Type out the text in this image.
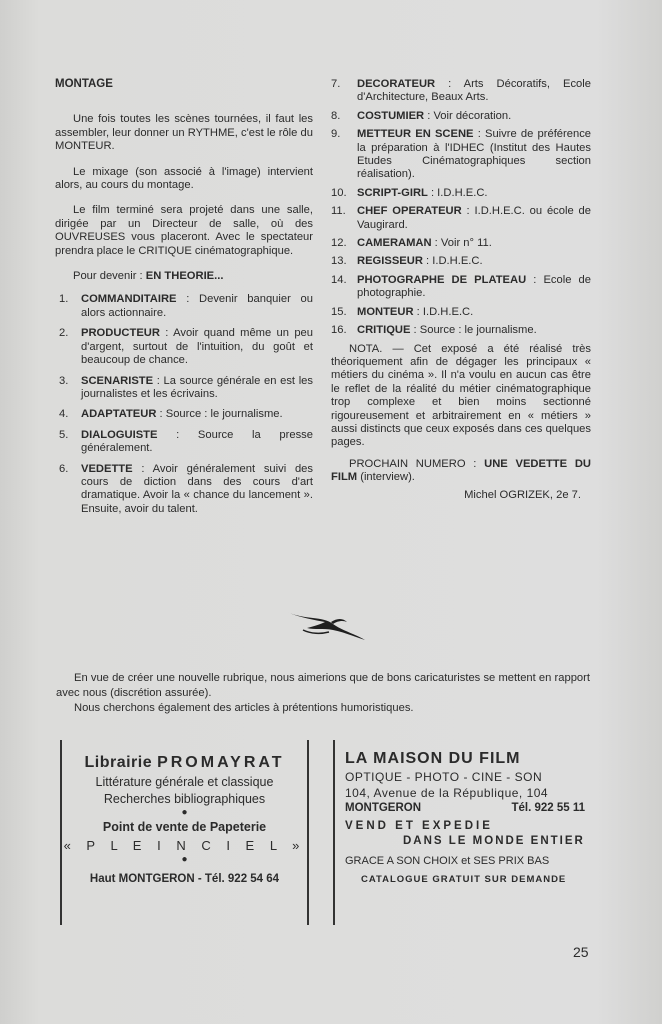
MONTAGE

Une fois toutes les scènes tournées, il faut les assembler, leur donner un RYTHME, c'est le rôle du MONTEUR.

Le mixage (son associé à l'image) intervient alors, au cours du montage.

Le film terminé sera projeté dans une salle, dirigée par un Directeur de salle, où des OUVREUSES vous placeront. Avec le spectateur prendra place le CRITIQUE cinématographique.

Pour devenir : EN THEORIE...

1. COMMANDITAIRE : Devenir banquier ou alors actionnaire.
2. PRODUCTEUR : Avoir quand même un peu d'argent, surtout de l'intuition, du goût et beaucoup de chance.
3. SCENARISTE : La source générale en est les journalistes et les écrivains.
4. ADAPTATEUR : Source : le journalisme.
5. DIALOGUISTE : Source la presse généralement.
6. VEDETTE : Avoir généralement suivi des cours de diction dans des cours d'art dramatique. Avoir la « chance du lancement ». Ensuite, avoir du talent.
7. DECORATEUR : Arts Décoratifs, Ecole d'Architecture, Beaux Arts.
8. COSTUMIER : Voir décoration.
9. METTEUR EN SCENE : Suivre de préférence la préparation à l'IDHEC (Institut des Hautes Etudes Cinématographiques section réalisation).
10. SCRIPT-GIRL : I.D.H.E.C.
11. CHEF OPERATEUR : I.D.H.E.C. ou école de Vaugirard.
12. CAMERAMAN : Voir n° 11.
13. REGISSEUR : I.D.H.E.C.
14. PHOTOGRAPHE DE PLATEAU : Ecole de photographie.
15. MONTEUR : I.D.H.E.C.
16. CRITIQUE : Source : le journalisme.

NOTA. — Cet exposé a été réalisé très théoriquement afin de dégager les principaux « métiers du cinéma ». Il n'a voulu en aucun cas être le reflet de la réalité du métier cinématographique trop complexe et bien moins sectionné rigoureusement et arbitrairement en « métiers » aussi distincts que ceux exposés dans ces quelques pages.

PROCHAIN NUMERO : UNE VEDETTE DU FILM (interview).

Michel OGRIZEK, 2e 7.

En vue de créer une nouvelle rubrique, nous aimerions que de bons caricaturistes se mettent en rapport avec nous (discrétion assurée).

Nous cherchons également des articles à prétentions humoristiques.

Librairie PROMAYRAT
Littérature générale et classique
Recherches bibliographiques
●
Point de vente de Papeterie
« P L E I N C I E L »
●
Haut MONTGERON - Tél. 922 54 64
LA MAISON DU FILM
OPTIQUE - PHOTO - CINE - SON
104, Avenue de la République, 104
MONTGERON	Tél. 922 55 11
VEND ET EXPEDIE
DANS LE MONDE ENTIER
GRACE A SON CHOIX et SES PRIX BAS
CATALOGUE GRATUIT SUR DEMANDE
25
